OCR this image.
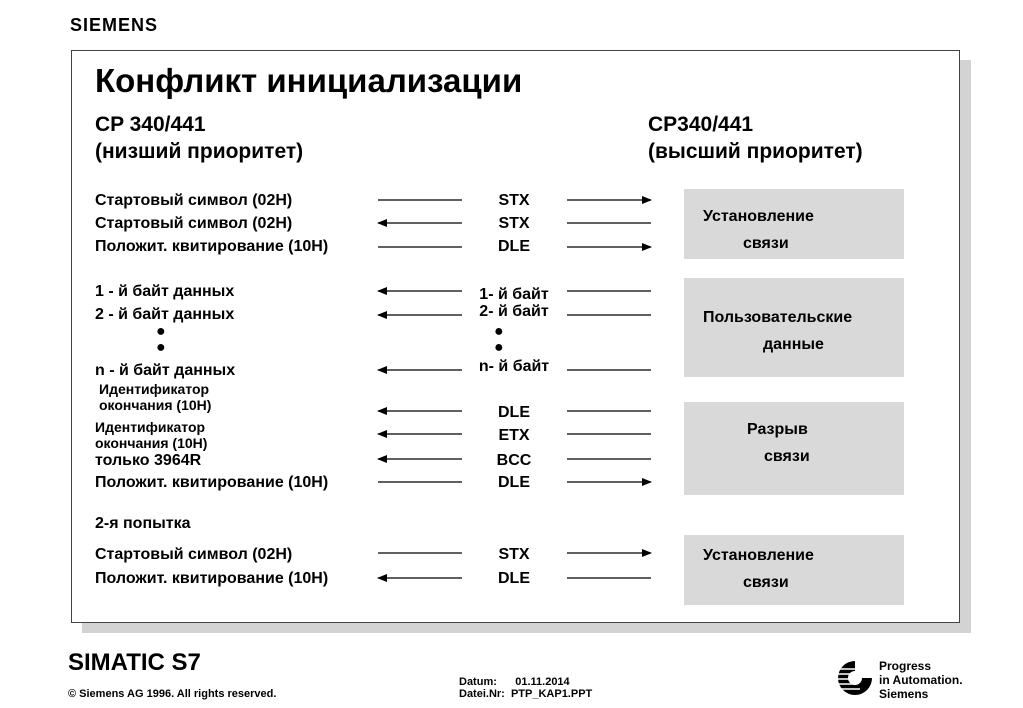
SIEMENS
Конфликт инициализации
CP 340/441
(низший приоритет)
CP340/441
(высший приоритет)
Установление
связи
Пользовательские
данные
Разрыв
связи
Установление
связи
Стартовый символ (02H)
Стартовый символ (02H)
Положит. квитирование (10H)
1 - й байт данных
2 - й байт данных
●
●
n - й байт данных
Идентификатор
окончания (10H)
Идентификатор
окончания (10H)
только 3964R
Положит. квитирование (10H)
2-я попытка
Стартовый символ (02H)
Положит. квитирование (10H)
STX
STX
DLE
1- й байт
2- й байт
●
●
n- й байт
DLE
ETX
BCC
DLE
STX
DLE
SIMATIC S7
© Siemens AG 1996. All rights reserved.
Datum:      01.11.2014
Datei.Nr:  PTP_KAP1.PPT
Progress
in Automation.
Siemens
